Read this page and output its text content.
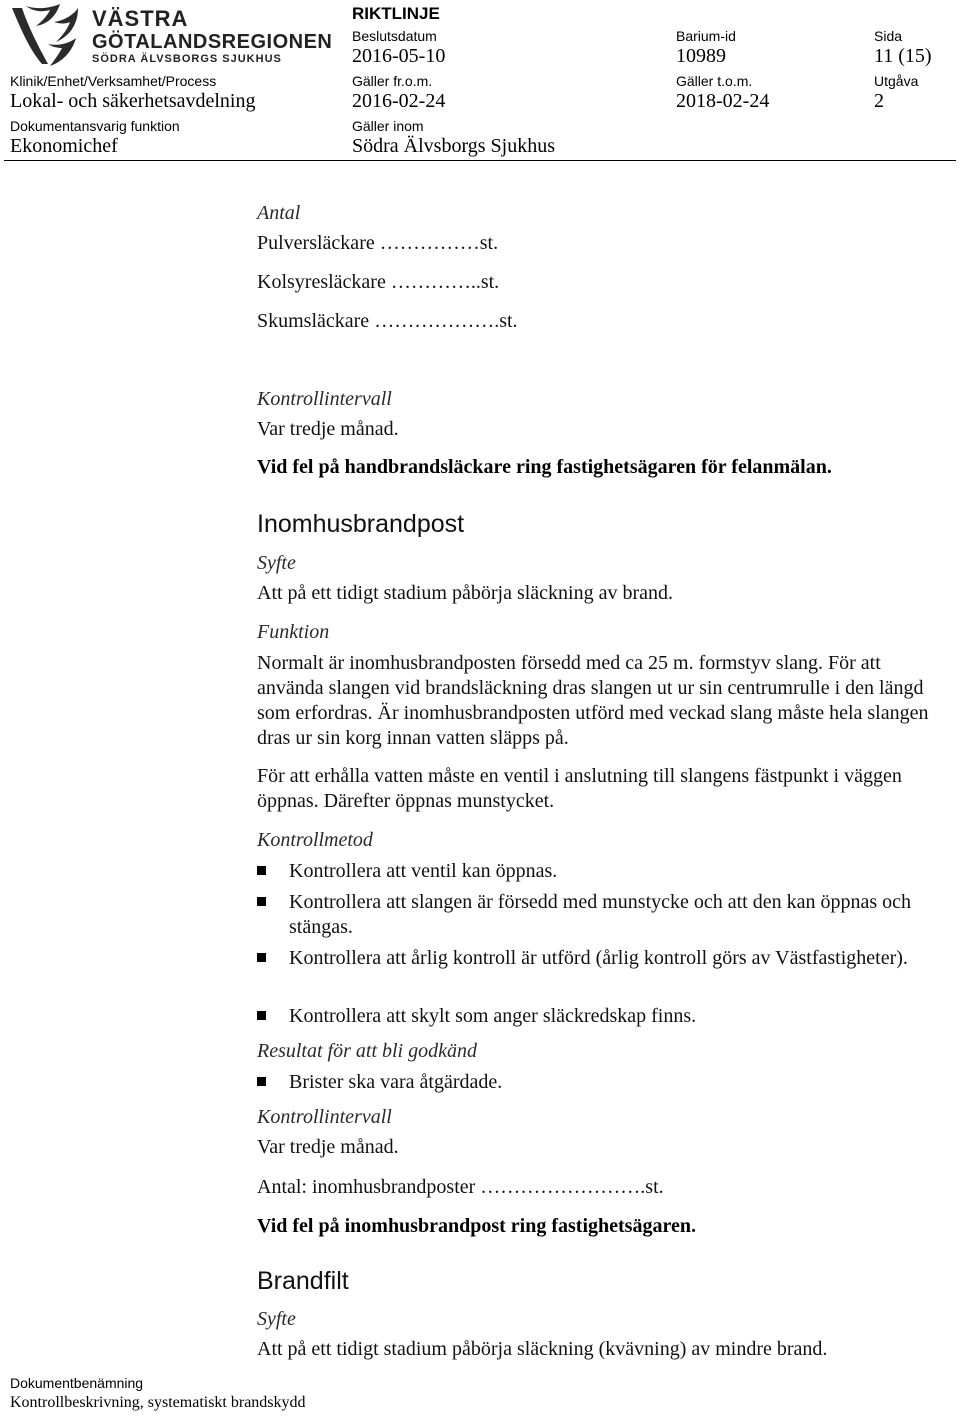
VÄSTRA
GÖTALANDSREGIONEN
SÖDRA ÄLVSBORGS SJUKHUS
RIKTLINJE
Beslutsdatum
2016-05-10
Barium-id
10989
Sida
11 (15)
Klinik/Enhet/Verksamhet/Process
Lokal- och säkerhetsavdelning
Gäller fr.o.m.
2016-02-24
Gäller t.o.m.
2018-02-24
Utgåva
2
Dokumentansvarig funktion
Ekonomichef
Gäller inom
Södra Älvsborgs Sjukhus
Antal
Pulversläckare ……………st.
Kolsyresläckare …………..st.
Skumsläckare ……………….st.
Kontrollintervall
Var tredje månad.
Vid fel på handbrandsläckare ring fastighetsägaren för felanmälan.
Inomhusbrandpost
Syfte
Att på ett tidigt stadium påbörja släckning av brand.
Funktion
Normalt är inomhusbrandposten försedd med ca 25 m. formstyv slang. För att använda slangen vid brandsläckning dras slangen ut ur sin centrumrulle i den längd som erfordras. Är inomhusbrandposten utförd med veckad slang måste hela slangen dras ur sin korg innan vatten släpps på.
För att erhålla vatten måste en ventil i anslutning till slangens fästpunkt i väggen öppnas. Därefter öppnas munstycket.
Kontrollmetod
Kontrollera att ventil kan öppnas.
Kontrollera att slangen är försedd med munstycke och att den kan öppnas och stängas.
Kontrollera att årlig kontroll är utförd (årlig kontroll görs av Västfastigheter).
Kontrollera att skylt som anger släckredskap finns.
Resultat för att bli godkänd
Brister ska vara åtgärdade.
Kontrollintervall
Var tredje månad.
Antal: inomhusbrandposter …………………….st.
Vid fel på inomhusbrandpost ring fastighetsägaren.
Brandfilt
Syfte
Att på ett tidigt stadium påbörja släckning (kvävning) av mindre brand.
Dokumentbenämning
Kontrollbeskrivning, systematiskt brandskydd
